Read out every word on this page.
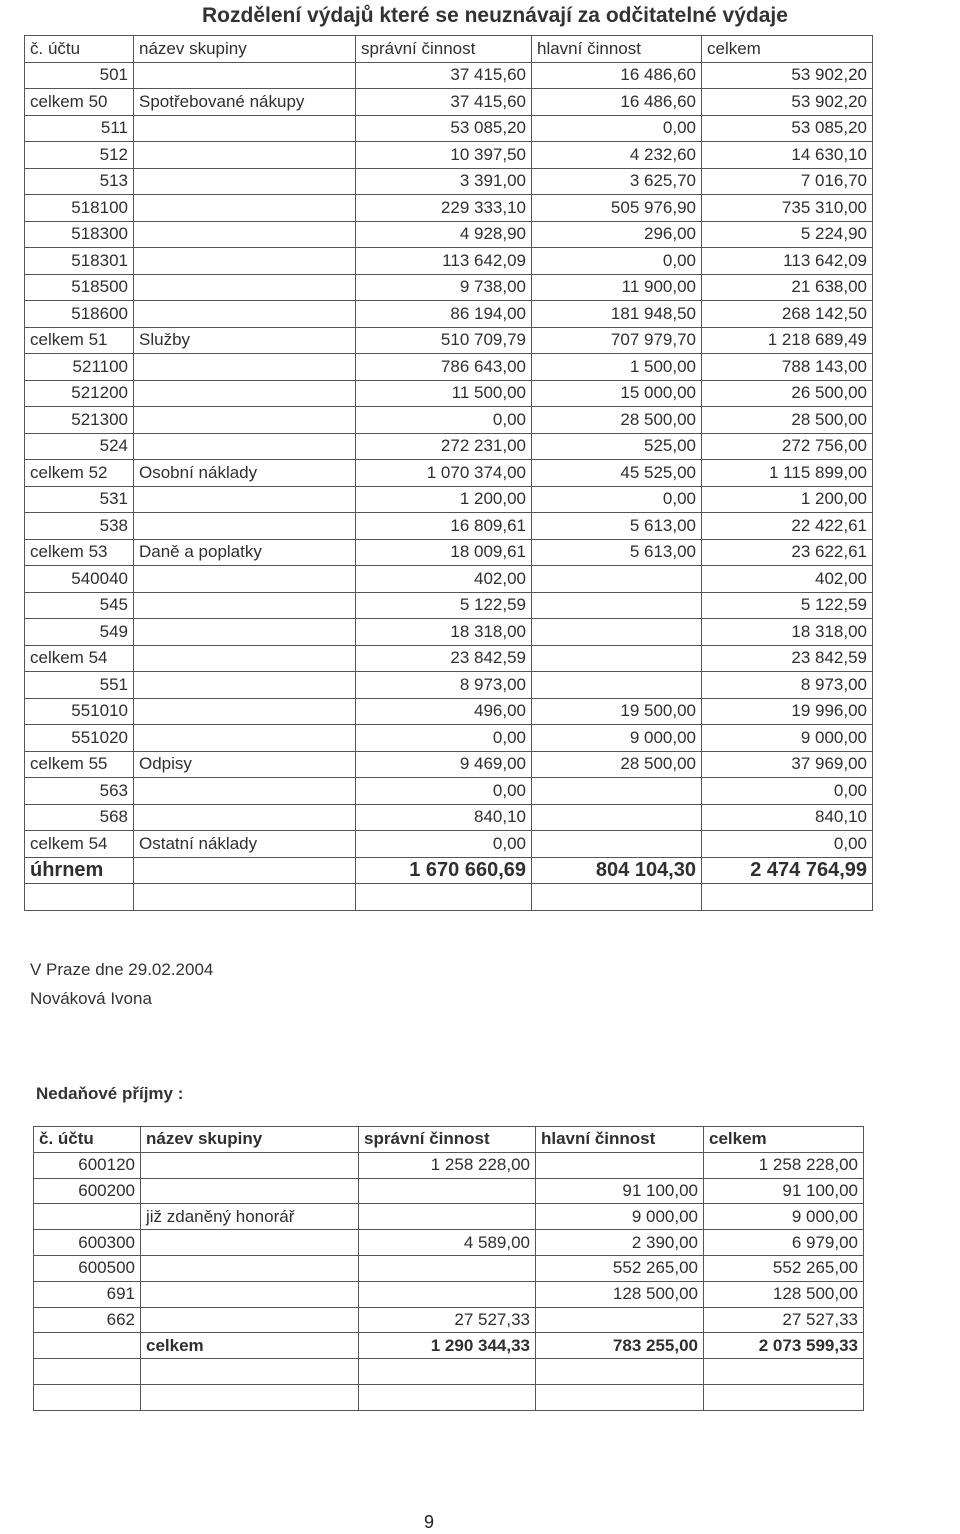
Rozdělení výdajů které se neuznávají za odčitatelné výdaje
č. účtu	název skupiny	správní činnost	hlavní činnost	celkem
501		37 415,60	16 486,60	53 902,20
celkem 50	Spotřebované nákupy	37 415,60	16 486,60	53 902,20
511		53 085,20	0,00	53 085,20
512		10 397,50	4 232,60	14 630,10
513		3 391,00	3 625,70	7 016,70
518100		229 333,10	505 976,90	735 310,00
518300		4 928,90	296,00	5 224,90
518301		113 642,09	0,00	113 642,09
518500		9 738,00	11 900,00	21 638,00
518600		86 194,00	181 948,50	268 142,50
celkem 51	Služby	510 709,79	707 979,70	1 218 689,49
521100		786 643,00	1 500,00	788 143,00
521200		11 500,00	15 000,00	26 500,00
521300		0,00	28 500,00	28 500,00
524		272 231,00	525,00	272 756,00
celkem 52	Osobní náklady	1 070 374,00	45 525,00	1 115 899,00
531		1 200,00	0,00	1 200,00
538		16 809,61	5 613,00	22 422,61
celkem 53	Daně a poplatky	18 009,61	5 613,00	23 622,61
540040		402,00		402,00
545		5 122,59		5 122,59
549		18 318,00		18 318,00
celkem 54		23 842,59		23 842,59
551		8 973,00		8 973,00
551010		496,00	19 500,00	19 996,00
551020		0,00	9 000,00	9 000,00
celkem 55	Odpisy	9 469,00	28 500,00	37 969,00
563		0,00		0,00
568		840,10		840,10
celkem 54	Ostatní náklady	0,00		0,00
úhrnem		1 670 660,69	804 104,30	2 474 764,99

V Praze dne 29.02.2004
Nováková Ivona
Nedaňové příjmy :
č. účtu	název skupiny	správní činnost	hlavní činnost	celkem
600120		1 258 228,00		1 258 228,00
600200			91 100,00	91 100,00
	již zdaněný honorář		9 000,00	9 000,00
600300		4 589,00	2 390,00	6 979,00
600500			552 265,00	552 265,00
691			128 500,00	128 500,00
662		27 527,33		27 527,33
	celkem	1 290 344,33	783 255,00	2 073 599,33

9
